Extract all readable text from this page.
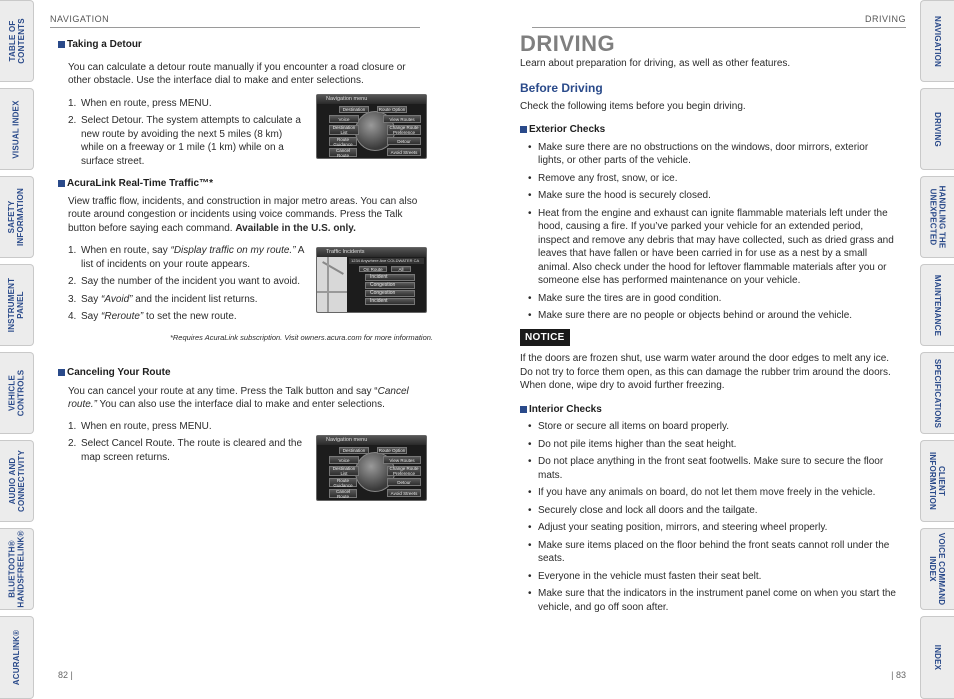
TABLE OF
CONTENTS
VISUAL INDEX
SAFETY
INFORMATION
INSTRUMENT
PANEL
VEHICLE
CONTROLS
AUDIO AND
CONNECTIVITY
BLUETOOTH®
HANDSFREELINK®
ACURALINK®
NAVIGATION
DRIVING
HANDLING THE
UNEXPECTED
MAINTENANCE
SPECIFICATIONS
CLIENT
INFORMATION
VOICE COMMAND
INDEX
INDEX
NAVIGATION	DRIVING
Taking a Detour

You can calculate a detour route manually if you encounter a road closure or other obstacle. Use the interface dial to make and enter selections.

1. When en route, press MENU.
2. Select Detour. The system attempts to calculate a new route by avoiding the next 5 miles (8 km) while on a freeway or 1 mile (1 km) while on a surface street.
Navigation menu
Destination	Route Option
Voice	View Routes
Destination List
Change Route Preference
Route Guidance
Detour
Cancel Route
Avoid Streets
AcuraLink Real-Time Traffic™*

View traffic flow, incidents, and construction in major metro areas. You can also route around congestion or incidents using voice commands. Press the Talk button before saying each command. Available in the U.S. only.

1. When en route, say “Display traffic on my route.” A list of incidents on your route appears.
2. Say the number of the incident you want to avoid.
3. Say “Avoid” and the incident list returns.
4. Say “Reroute” to set the new route.

*Requires AcuraLink subscription. Visit owners.acura.com for more information.

Traffic Incidents
1234 Anywhere Ave COLDWATER CA
On Route	All
Incident
Congestion
Congestion
Incident
Canceling Your Route

You can cancel your route at any time. Press the Talk button and say “Cancel route.” You can also use the interface dial to make and enter selections.

1. When en route, press MENU.
2. Select Cancel Route. The route is cleared and the map screen returns.
Navigation menu
Destination	Route Option
Voice	View Routes
Destination List
Change Route Preference
Route Guidance
Detour
Cancel Route
Avoid Streets
82 |
DRIVING

Learn about preparation for driving, as well as other features.

Before Driving

Check the following items before you begin driving.

Exterior Checks
• Make sure there are no obstructions on the windows, door mirrors, exterior lights, or other parts of the vehicle.
• Remove any frost, snow, or ice.
• Make sure the hood is securely closed.
• Heat from the engine and exhaust can ignite flammable materials left under the hood, causing a fire. If you’ve parked your vehicle for an extended period, inspect and remove any debris that may have collected, such as dried grass and leaves that have fallen or have been carried in for use as a nest by a small animal. Also check under the hood for leftover flammable materials after you or someone else has performed maintenance on your vehicle.
• Make sure the tires are in good condition.
• Make sure there are no people or objects behind or around the vehicle.
NOTICE

If the doors are frozen shut, use warm water around the door edges to melt any ice. Do not try to force them open, as this can damage the rubber trim around the doors. When done, wipe dry to avoid further freezing.

Interior Checks
• Store or secure all items on board properly.
• Do not pile items higher than the seat height.
• Do not place anything in the front seat footwells. Make sure to secure the floor mats.
• If you have any animals on board, do not let them move freely in the vehicle.
• Securely close and lock all doors and the tailgate.
• Adjust your seating position, mirrors, and steering wheel properly.
• Make sure items placed on the floor behind the front seats cannot roll under the seats.
• Everyone in the vehicle must fasten their seat belt.
• Make sure that the indicators in the instrument panel come on when you start the vehicle, and go off soon after.
| 83
